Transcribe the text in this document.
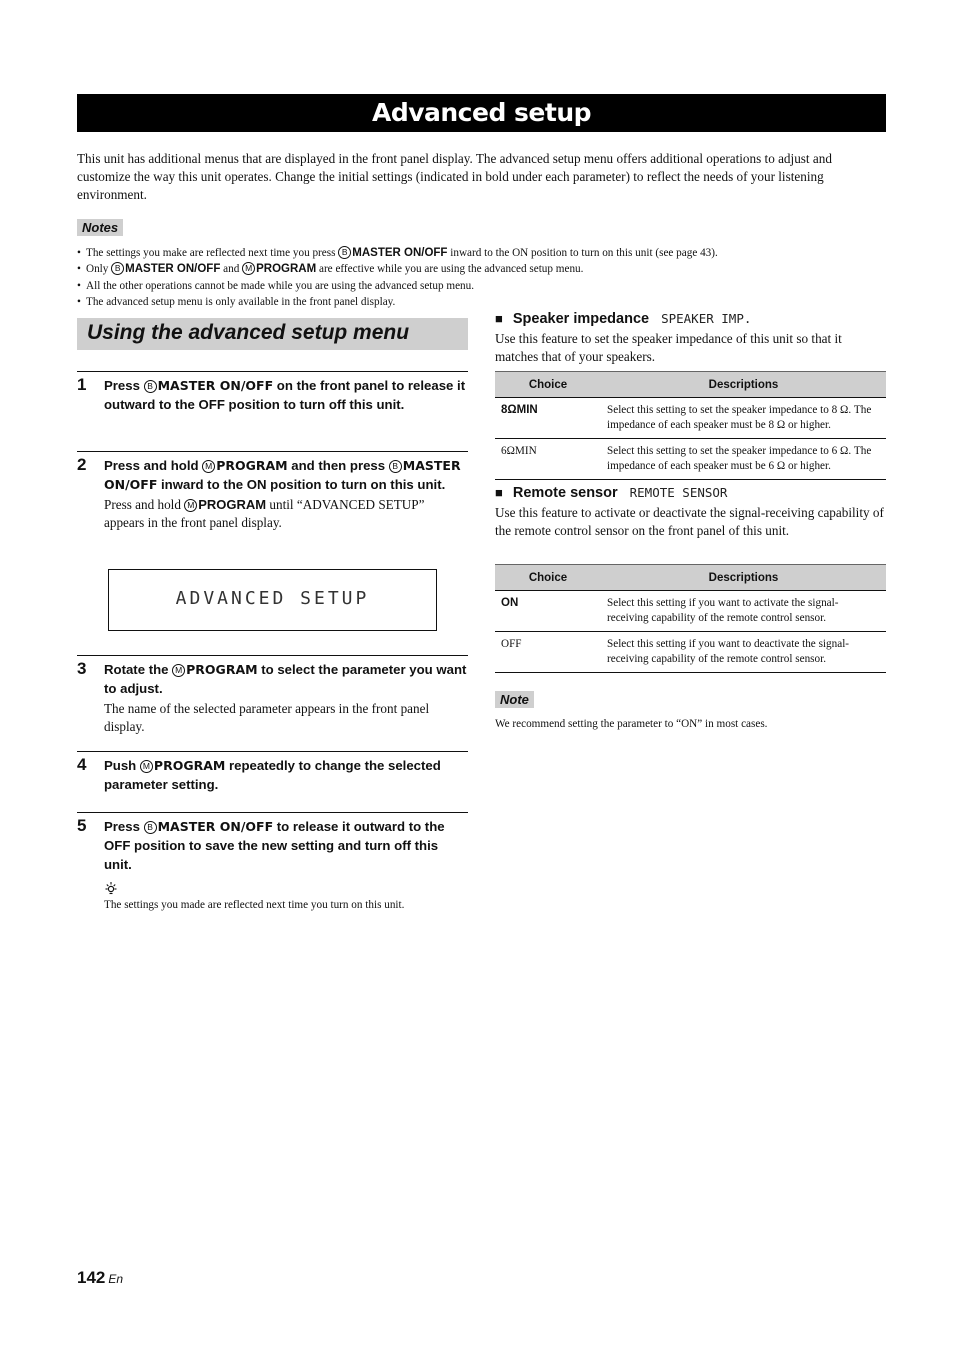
Advanced setup
This unit has additional menus that are displayed in the front panel display. The advanced setup menu offers additional operations to adjust and customize the way this unit operates. Change the initial settings (indicated in bold under each parameter) to reflect the needs of your listening environment.
Notes
• The settings you make are reflected next time you press B MASTER ON/OFF inward to the ON position to turn on this unit (see page 43).
• Only B MASTER ON/OFF and M PROGRAM are effective while you are using the advanced setup menu.
• All the other operations cannot be made while you are using the advanced setup menu.
• The advanced setup menu is only available in the front panel display.
Using the advanced setup menu
1 Press B MASTER ON/OFF on the front panel to release it outward to the OFF position to turn off this unit.
2 Press and hold M PROGRAM and then press B MASTER ON/OFF inward to the ON position to turn on this unit.
Press and hold M PROGRAM until “ADVANCED SETUP” appears in the front panel display.
ADVANCED SETUP
3 Rotate the M PROGRAM to select the parameter you want to adjust.
The name of the selected parameter appears in the front panel display.
4 Push M PROGRAM repeatedly to change the selected parameter setting.
5 Press B MASTER ON/OFF to release it outward to the OFF position to save the new setting and turn off this unit.
The settings you made are reflected next time you turn on this unit.
■ Speaker impedance SPEAKER IMP.
Use this feature to set the speaker impedance of this unit so that it matches that of your speakers.
Choice	Descriptions
8ΩMIN	Select this setting to set the speaker impedance to 8 Ω. The impedance of each speaker must be 8 Ω or higher.
6ΩMIN	Select this setting to set the speaker impedance to 6 Ω. The impedance of each speaker must be 6 Ω or higher.
■ Remote sensor REMOTE SENSOR
Use this feature to activate or deactivate the signal-receiving capability of the remote control sensor on the front panel of this unit.
Choice	Descriptions
ON	Select this setting if you want to activate the signal-receiving capability of the remote control sensor.
OFF	Select this setting if you want to deactivate the signal-receiving capability of the remote control sensor.
Note
We recommend setting the parameter to “ON” in most cases.
142 En
